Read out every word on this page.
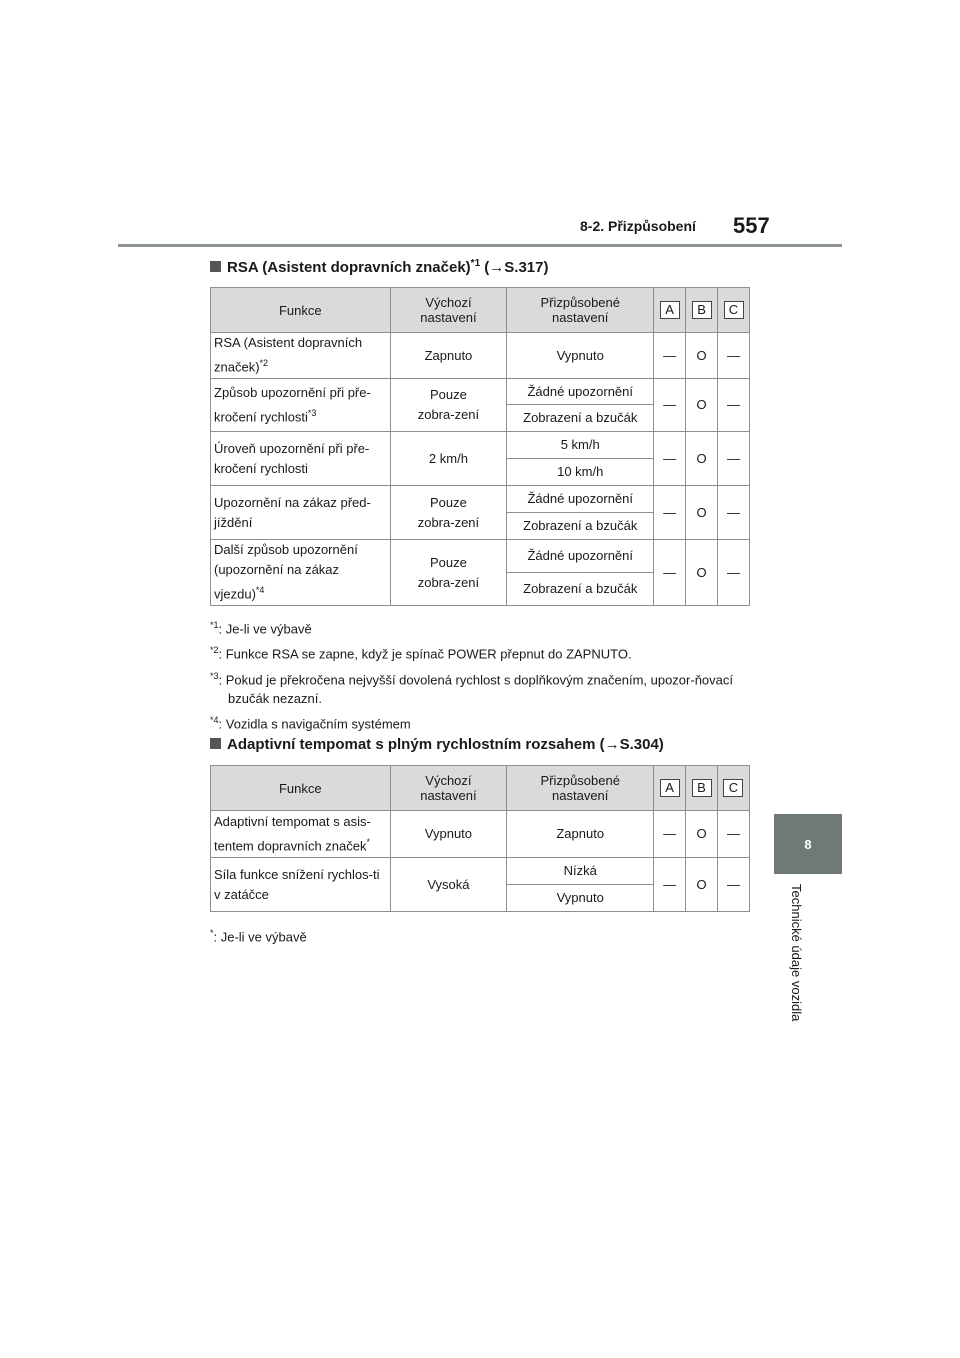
8-2. Přizpůsobení 557
8
Technické údaje vozidla
RSA (Asistent dopravních značek)$^{*1}$ (→S.317)
Funkce	Výchozí nastavení	Přizpůsobené nastavení	A	B	C
RSA (Asistent dopravních značek)$^{*2}$	Zapnuto	Vypnuto	—	O	—
Způsob upozornění při pře-kročení rychlosti$^{*3}$	Pouze zobra-zení	Žádné upozornění	—	O	—
		Zobrazení a bzučák			
Úroveň upozornění při pře-kročení rychlosti	2 km/h	5 km/h	—	O	—
		10 km/h			
Upozornění na zákaz před-jíždění	Pouze zobra-zení	Žádné upozornění	—	O	—
		Zobrazení a bzučák			
Další způsob upozornění (upozornění na zákaz vjezdu)$^{*4}$	Pouze zobra-zení	Žádné upozornění	—	O	—
		Zobrazení a bzučák			
$^{*1}$: Je-li ve výbavě
$^{*2}$: Funkce RSA se zapne, když je spínač POWER přepnut do ZAPNUTO.
$^{*3}$: Pokud je překročena nejvyšší dovolená rychlost s doplňkovým značením, upozor-ňovací bzučák nezazní.
$^{*4}$: Vozidla s navigačním systémem
Adaptivní tempomat s plným rychlostním rozsahem (→S.304)
Funkce	Výchozí nastavení	Přizpůsobené nastavení	A	B	C
Adaptivní tempomat s asis-tentem dopravních značek*	Vypnuto	Zapnuto	—	O	—
Síla funkce snížení rychlos-ti v zatáčce	Vysoká	Nízká	—	O	—
		Vypnuto			
*: Je-li ve výbavě
